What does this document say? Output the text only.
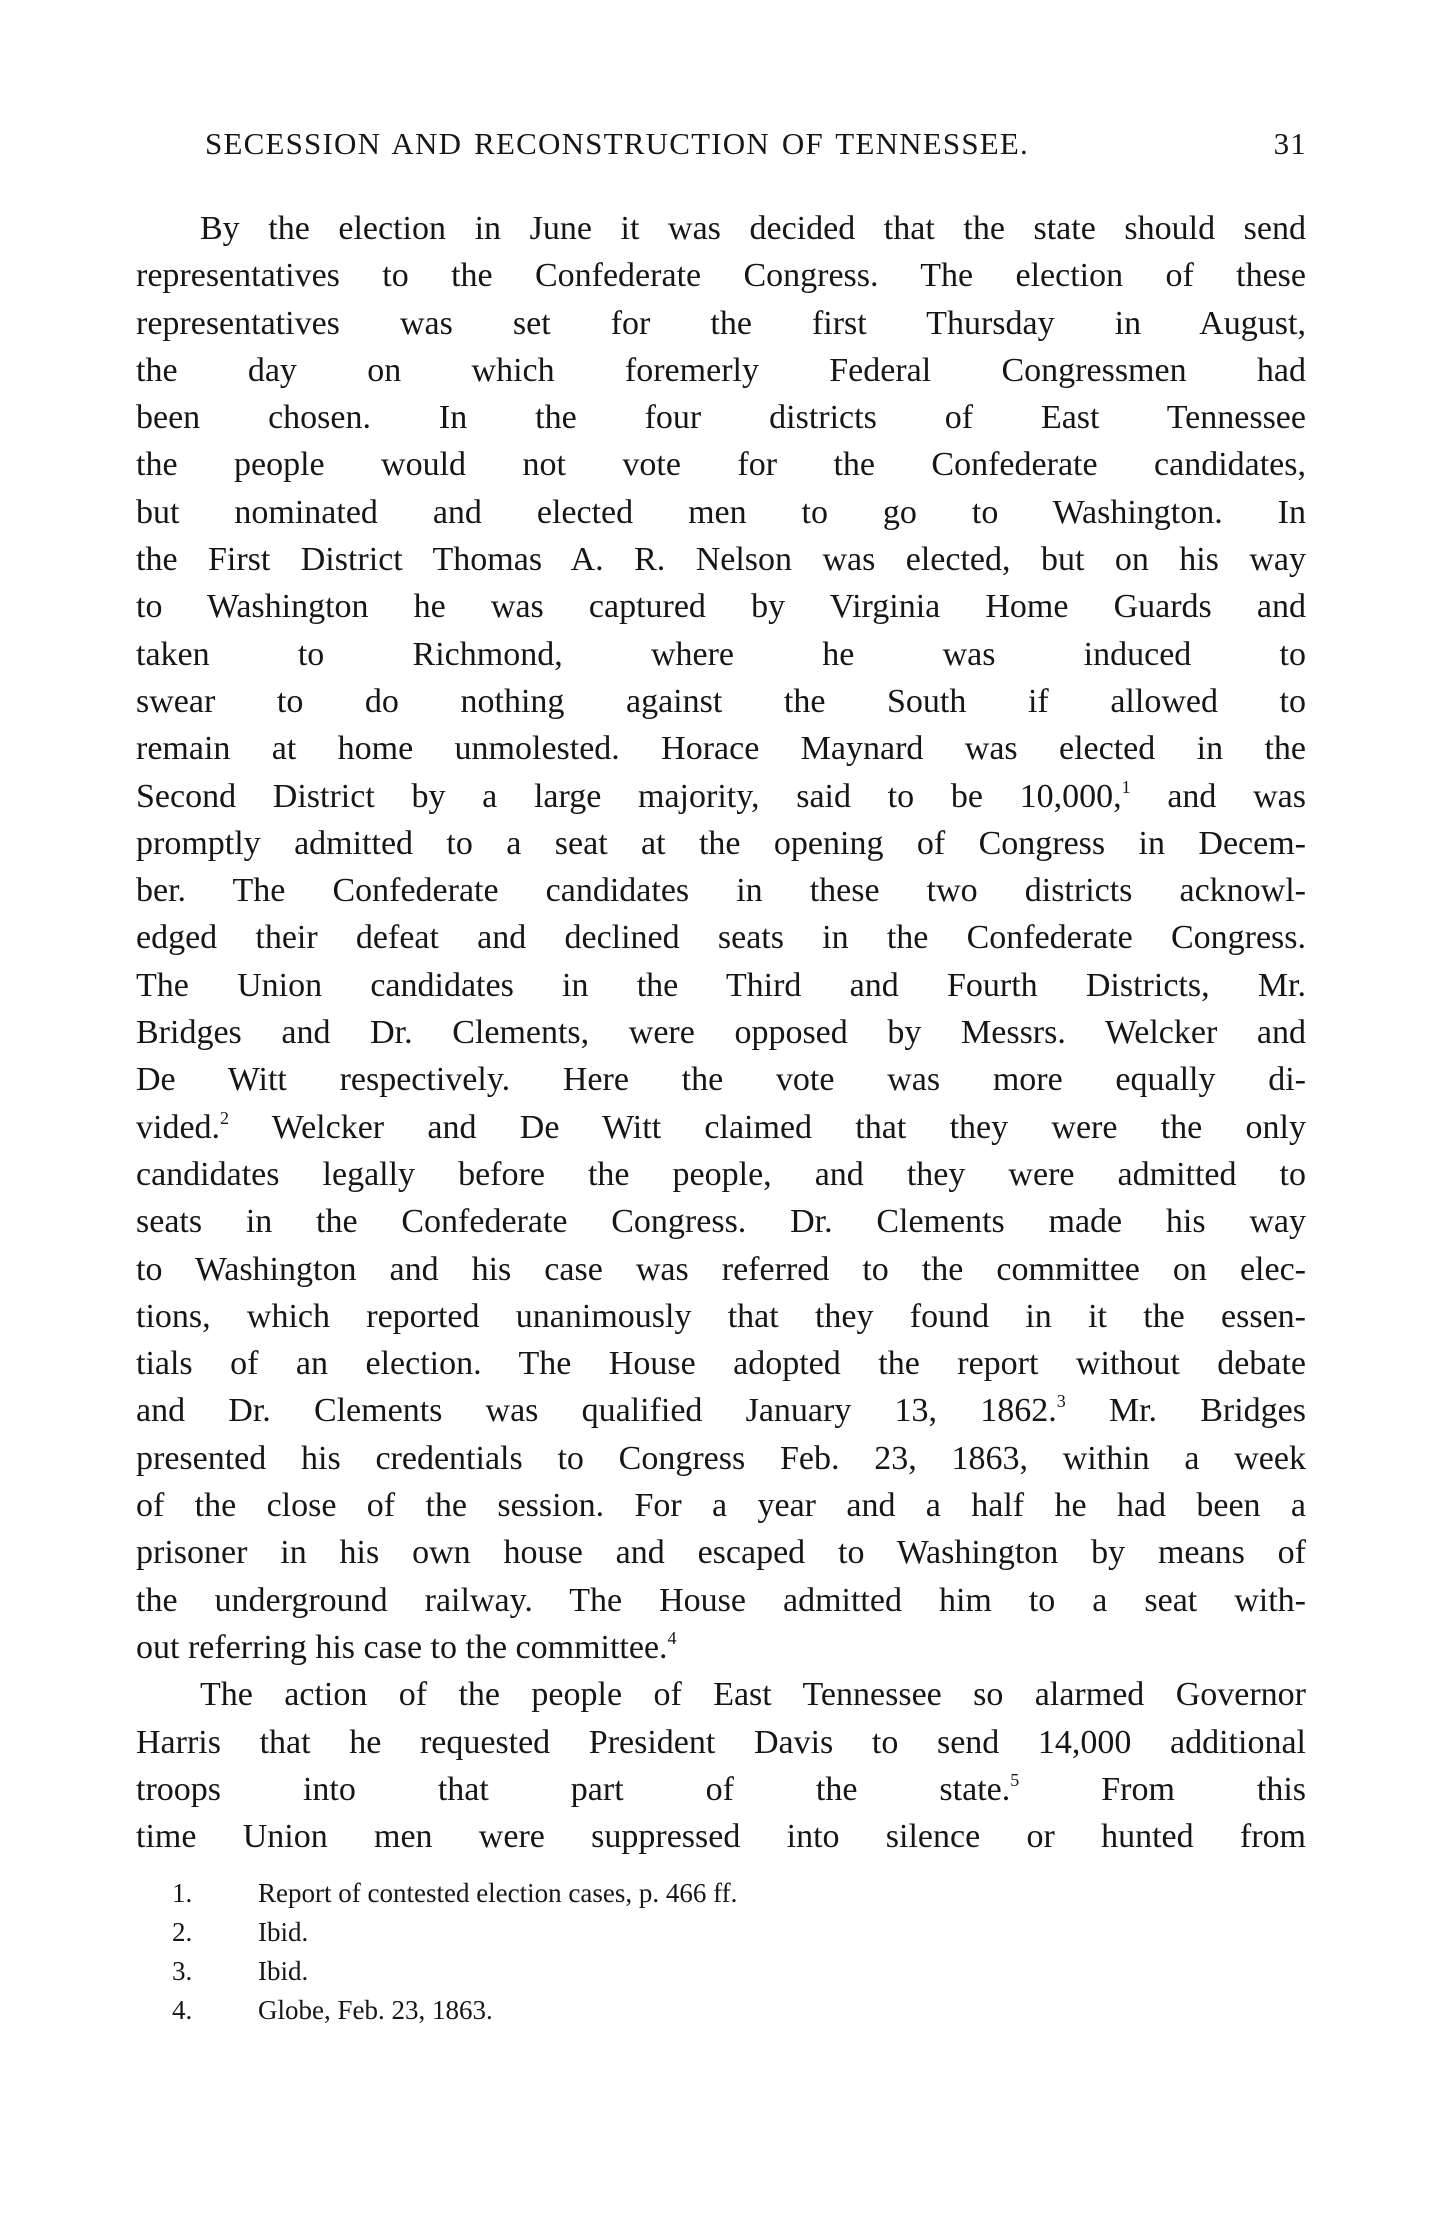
SECESSION AND RECONSTRUCTION OF TENNESSEE.	31

By the election in June it was decided that the state should send
representatives to the Confederate Congress. The election of these
representatives was set for the first Thursday in August,
the day on which foremerly Federal Congressmen had
been chosen. In the four districts of East Tennessee
the people would not vote for the Confederate candidates,
but nominated and elected men to go to Washington. In
the First District Thomas A. R. Nelson was elected, but on his way
to Washington he was captured by Virginia Home Guards and
taken to Richmond, where he was induced to
swear to do nothing against the South if allowed to
remain at home unmolested. Horace Maynard was elected in the
Second District by a large majority, said to be 10,000,$^1$ and was
promptly admitted to a seat at the opening of Congress in Decem-
ber. The Confederate candidates in these two districts acknowl-
edged their defeat and declined seats in the Confederate Congress.
The Union candidates in the Third and Fourth Districts, Mr.
Bridges and Dr. Clements, were opposed by Messrs. Welcker and
De Witt respectively. Here the vote was more equally di-
vided.$^2$ Welcker and De Witt claimed that they were the only
candidates legally before the people, and they were admitted to
seats in the Confederate Congress. Dr. Clements made his way
to Washington and his case was referred to the committee on elec-
tions, which reported unanimously that they found in it the essen-
tials of an election. The House adopted the report without debate
and Dr. Clements was qualified January 13, 1862.$^3$ Mr. Bridges
presented his credentials to Congress Feb. 23, 1863, within a week
of the close of the session. For a year and a half he had been a
prisoner in his own house and escaped to Washington by means of
the underground railway. The House admitted him to a seat with-
out referring his case to the committee.$^4$

The action of the people of East Tennessee so alarmed Governor
Harris that he requested President Davis to send 14,000 additional
troops into that part of the state.$^5$ From this
time Union men were suppressed into silence or hunted from

1.	Report of contested election cases, p. 466 ff.
2.	Ibid.
3.	Ibid.
4.	Globe, Feb. 23, 1863.
